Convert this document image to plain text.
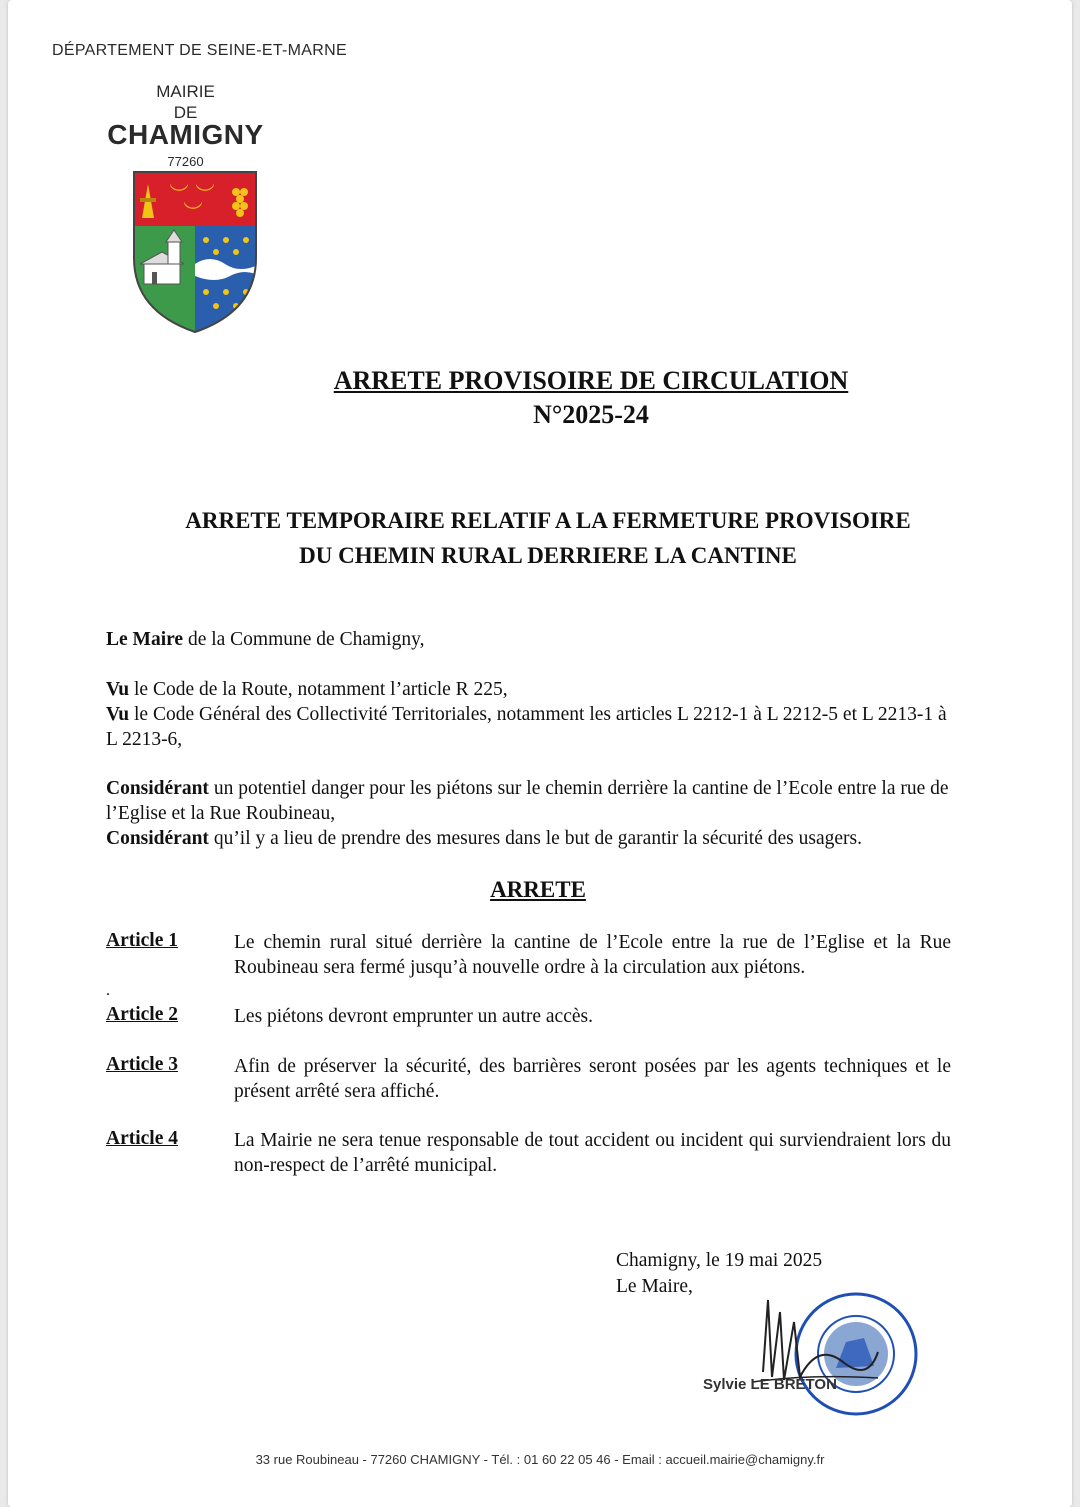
DÉPARTEMENT DE SEINE-ET-MARNE
MAIRIE
DE
CHAMIGNY
77260
ARRETE PROVISOIRE DE CIRCULATION
N°2025-24
ARRETE TEMPORAIRE RELATIF A LA FERMETURE PROVISOIRE
DU CHEMIN RURAL DERRIERE LA CANTINE
Le Maire de la Commune de Chamigny,
Vu le Code de la Route, notamment l’article R 225,
Vu le Code Général des Collectivité Territoriales, notamment les articles L 2212-1 à L 2212-5 et L 2213-1 à L 2213-6,
Considérant un potentiel danger pour les piétons sur le chemin derrière la cantine de l’Ecole entre la rue de l’Eglise et la Rue Roubineau,
Considérant qu’il y a lieu de prendre des mesures dans le but de garantir la sécurité des usagers.
ARRETE
Article 1	Le chemin rural situé derrière la cantine de l’Ecole entre la rue de l’Eglise et la Rue Roubineau sera fermé jusqu’à nouvelle ordre à la circulation aux piétons.
.
Article 2	Les piétons devront emprunter un autre accès.
Article 3	Afin de préserver la sécurité, des barrières seront posées par les agents techniques et le présent arrêté sera affiché.
Article 4	La Mairie ne sera tenue responsable de tout accident ou incident qui surviendraient lors du non-respect de l’arrêté municipal.
Chamigny, le 19 mai 2025
Le Maire,
Sylvie LE BRETON
33 rue Roubineau - 77260 CHAMIGNY - Tél. : 01 60 22 05 46 - Email : accueil.mairie@chamigny.fr
